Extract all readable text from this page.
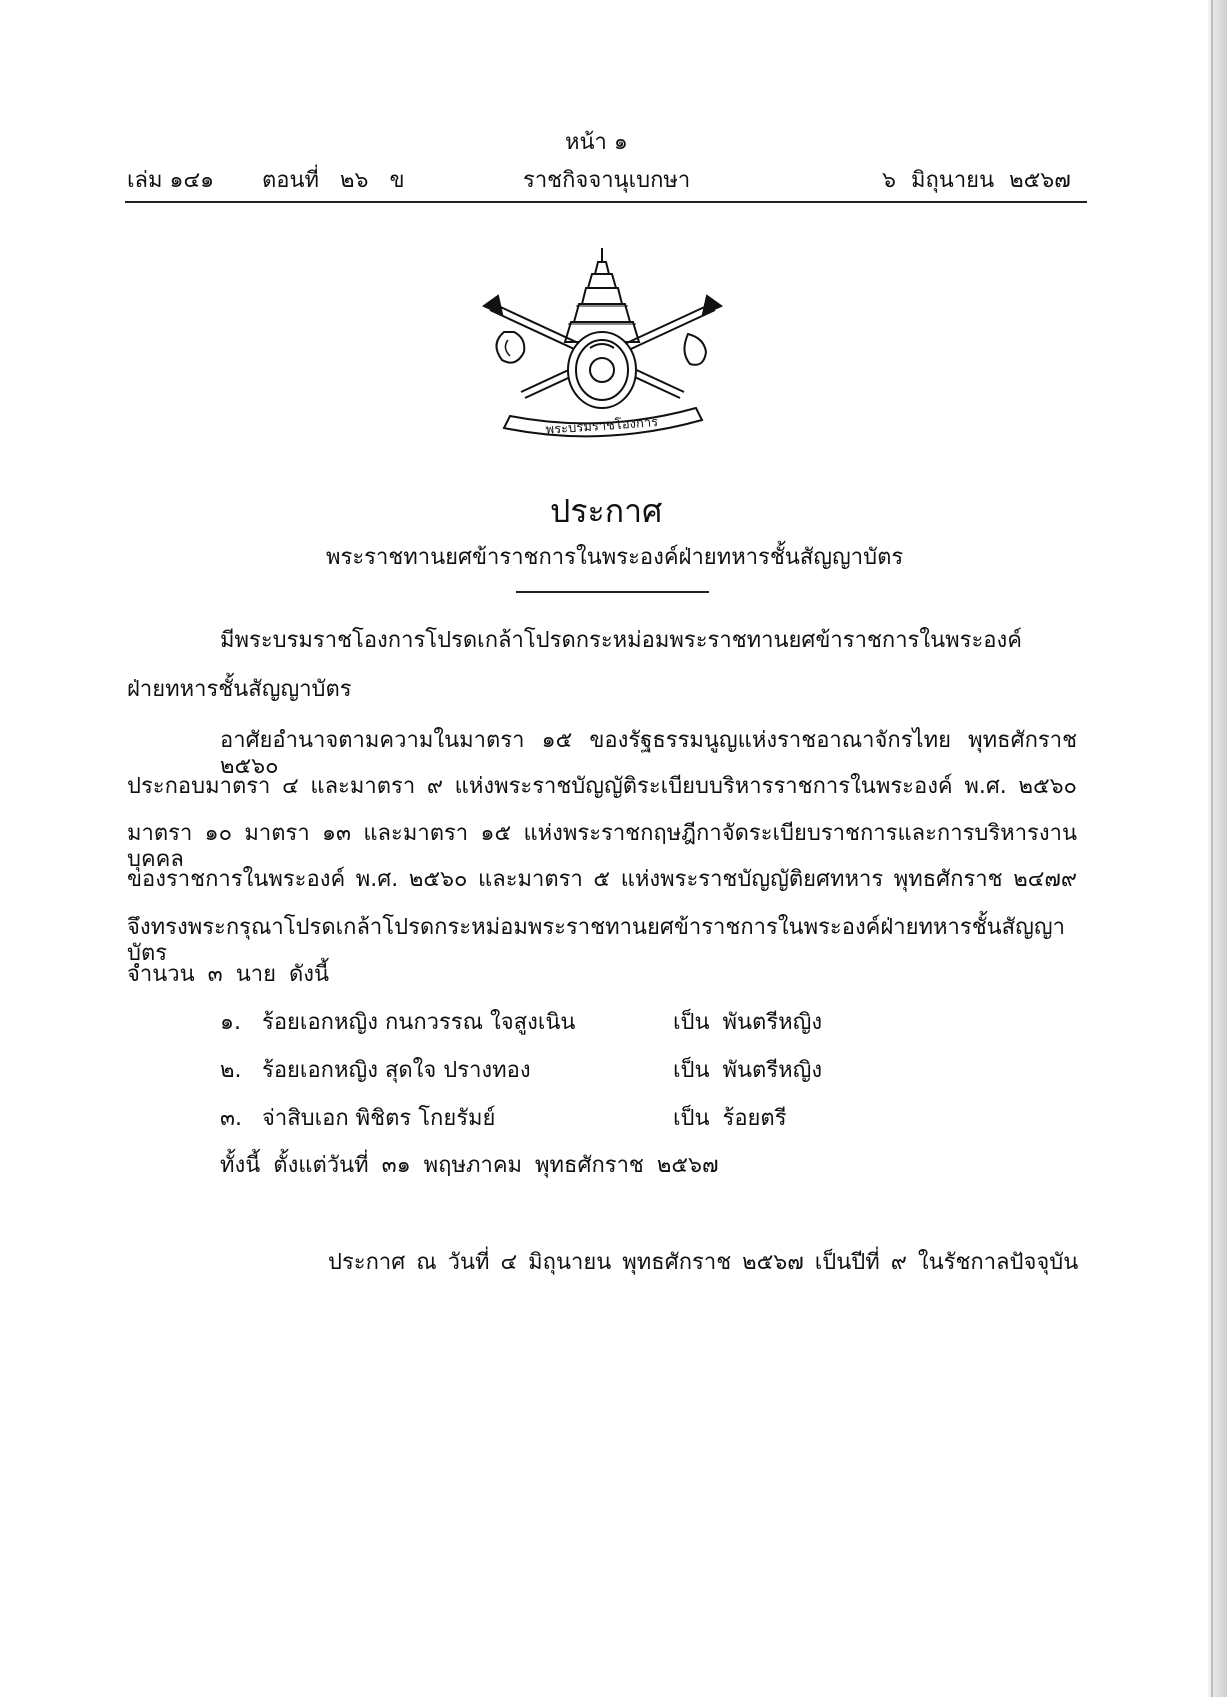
หน้า ๑
เล่ม ๑๔๑ ตอนที่ ๒๖ ข	ราชกิจจานุเบกษา	๖ มิถุนายน ๒๕๖๗
พระบรมราชโองการ
ประกาศ
พระราชทานยศข้าราชการในพระองค์ฝ่ายทหารชั้นสัญญาบัตร
มีพระบรมราชโองการโปรดเกล้าโปรดกระหม่อมพระราชทานยศข้าราชการในพระองค์
ฝ่ายทหารชั้นสัญญาบัตร
อาศัยอำนาจตามความในมาตรา ๑๕ ของรัฐธรรมนูญแห่งราชอาณาจักรไทย พุทธศักราช ๒๕๖๐
ประกอบมาตรา ๔ และมาตรา ๙ แห่งพระราชบัญญัติระเบียบบริหารราชการในพระองค์ พ.ศ. ๒๕๖๐
มาตรา ๑๐ มาตรา ๑๓ และมาตรา ๑๕ แห่งพระราชกฤษฎีกาจัดระเบียบราชการและการบริหารงานบุคคล
ของราชการในพระองค์ พ.ศ. ๒๕๖๐ และมาตรา ๕ แห่งพระราชบัญญัติยศทหาร พุทธศักราช ๒๔๗๙
จึงทรงพระกรุณาโปรดเกล้าโปรดกระหม่อมพระราชทานยศข้าราชการในพระองค์ฝ่ายทหารชั้นสัญญาบัตร
จำนวน ๓ นาย ดังนี้
๑. ร้อยเอกหญิง กนกวรรณ ใจสูงเนิน	เป็น พันตรีหญิง
๒. ร้อยเอกหญิง สุดใจ ปรางทอง	เป็น พันตรีหญิง
๓. จ่าสิบเอก พิชิตร โกยรัมย์	เป็น ร้อยตรี
ทั้งนี้ ตั้งแต่วันที่ ๓๑ พฤษภาคม พุทธศักราช ๒๕๖๗
ประกาศ ณ วันที่ ๔ มิถุนายน พุทธศักราช ๒๕๖๗ เป็นปีที่ ๙ ในรัชกาลปัจจุบัน
